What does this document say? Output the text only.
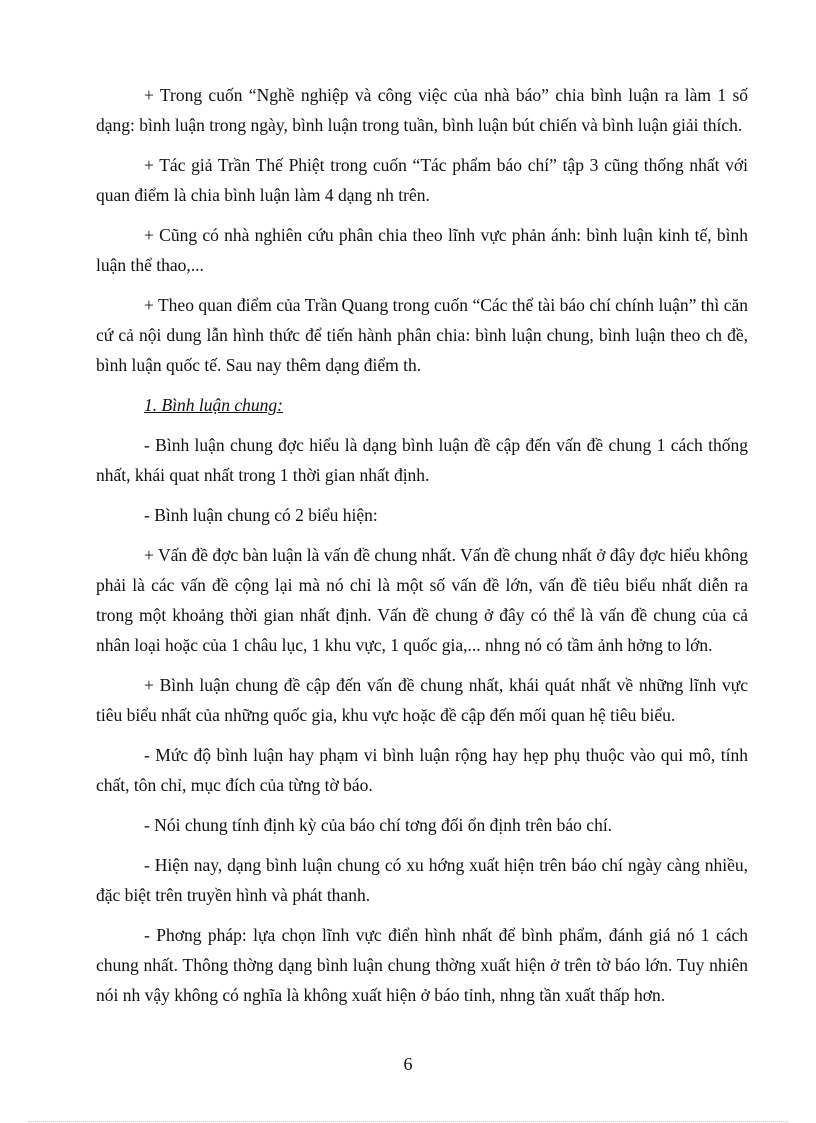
+ Trong cuốn “Nghề nghiệp và công việc của nhà báo” chia bình luận ra làm 1 số dạng: bình luận trong ngày, bình luận trong tuần, bình luận bút chiến và bình luận giải thích.

+ Tác giả Trần Thế Phiệt trong cuốn “Tác phẩm báo chí” tập 3 cũng thống nhất với quan điểm là chia bình luận làm 4 dạng nh trên.

+ Cũng có nhà nghiên cứu phân chia theo lĩnh vực phản ánh: bình luận kinh tế, bình luận thể thao,...

+ Theo quan điểm của Trần Quang trong cuốn “Các thể tài báo chí chính luận” thì căn cứ cả nội dung lẫn hình thức để tiến hành phân chia: bình luận chung, bình luận theo ch đề, bình luận quốc tế. Sau nay thêm dạng điểm th.

1. Bình luận chung:

- Bình luận chung đợc hiểu là dạng bình luận đề cập đến vấn đề chung 1 cách thống nhất, khái quat nhất trong 1 thời gian nhất định.

- Bình luận chung có 2 biểu hiện:

+ Vấn đề đợc bàn luận là vấn đề chung nhất. Vấn đề chung nhất ở đây đợc hiểu không phải là các vấn đề cộng lại mà nó chỉ là một số vấn đề lớn, vấn đề tiêu biểu nhất diễn ra trong một khoảng thời gian nhất định. Vấn đề chung ở đây có thể là vấn đề chung của cả nhân loại hoặc của 1 châu lục, 1 khu vực, 1 quốc gia,... nhng nó có tầm ảnh hởng to lớn.

+ Bình luận chung đề cập đến vấn đề chung nhất, khái quát nhất về những lĩnh vực tiêu biểu nhất của những quốc gia, khu vực hoặc đề cập đến mối quan hệ tiêu biểu.

- Mức độ bình luận hay phạm vi bình luận rộng hay hẹp phụ thuộc vào qui mô, tính chất, tôn chỉ, mục đích của từng tờ báo.

- Nói chung tính định kỳ của báo chí tơng đối ổn định trên báo chí.

- Hiện nay, dạng bình luận chung có xu hớng xuất hiện trên báo chí ngày càng nhiều, đặc biệt trên truyền hình và phát thanh.

- Phơng pháp: lựa chọn lĩnh vực điển hình nhất để bình phẩm, đánh giá nó 1 cách chung nhất. Thông thờng dạng bình luận chung thờng xuất hiện ở trên tờ báo lớn. Tuy nhiên nói nh vậy không có nghĩa là không xuất hiện ở báo tỉnh, nhng tần xuất thấp hơn.

6
